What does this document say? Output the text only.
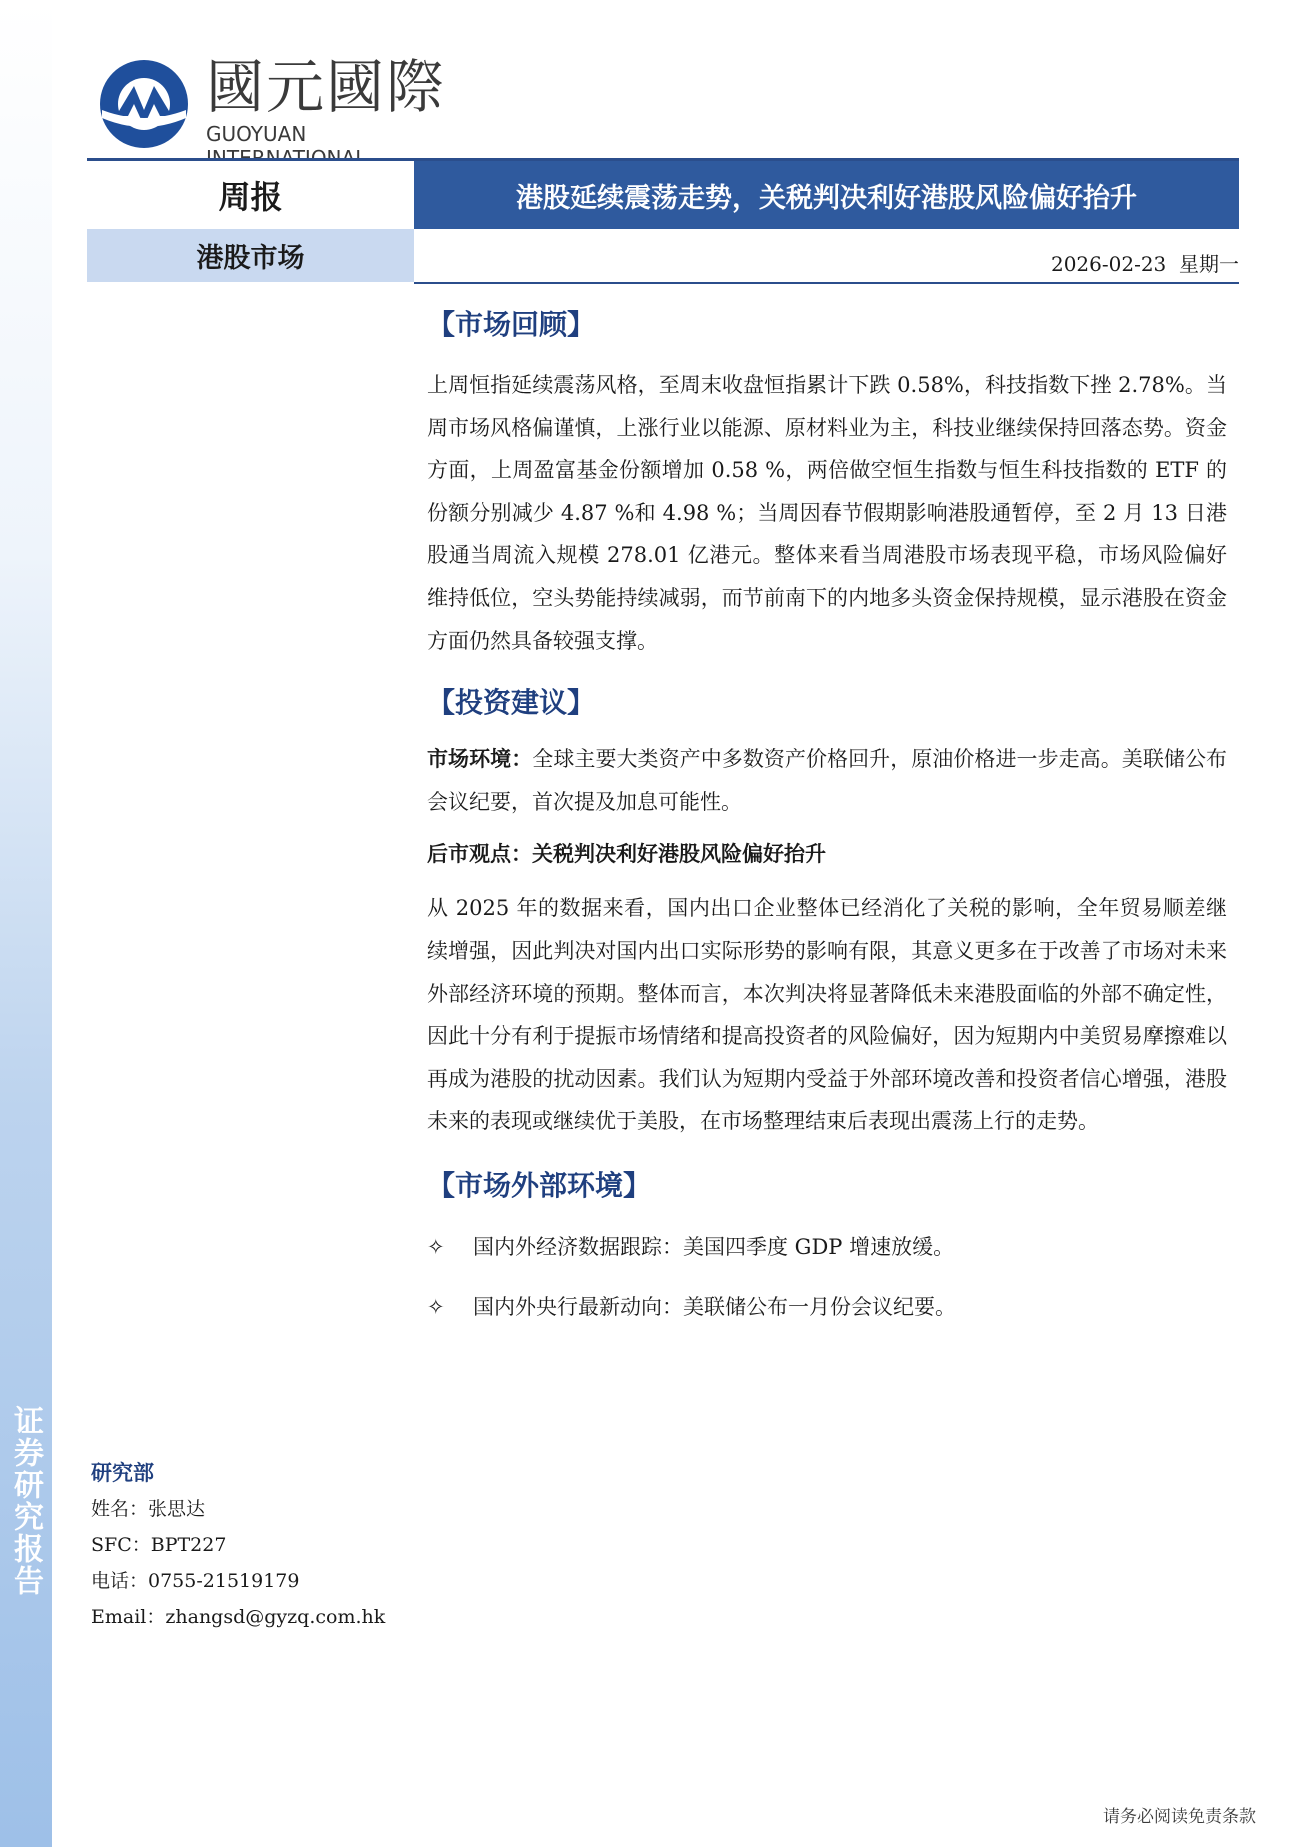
证券研究报告
國元國際
GUOYUAN
周报	港股延续震荡走势，关税判决利好港股风险偏好抬升
港股市场	2026-02-23 星期一
【市场回顾】

上周恒指延续震荡风格，至周末收盘恒指累计下跌 0.58%，科技指数下挫 2.78%。当周市场风格偏谨慎，上涨行业以能源、原材料业为主，科技业继续保持回落态势。资金方面，上周盈富基金份额增加 0.58 %，两倍做空恒生指数与恒生科技指数的 ETF 的份额分别减少 4.87 %和 4.98 %；当周因春节假期影响港股通暂停，至 2 月 13 日港股通当周流入规模 278.01 亿港元。整体来看当周港股市场表现平稳，市场风险偏好维持低位，空头势能持续减弱，而节前南下的内地多头资金保持规模，显示港股在资金方面仍然具备较强支撑。

【投资建议】

市场环境：全球主要大类资产中多数资产价格回升，原油价格进一步走高。美联储公布会议纪要，首次提及加息可能性。

后市观点：关税判决利好港股风险偏好抬升

从 2025 年的数据来看，国内出口企业整体已经消化了关税的影响，全年贸易顺差继续增强，因此判决对国内出口实际形势的影响有限，其意义更多在于改善了市场对未来外部经济环境的预期。整体而言，本次判决将显著降低未来港股面临的外部不确定性，因此十分有利于提振市场情绪和提高投资者的风险偏好，因为短期内中美贸易摩擦难以再成为港股的扰动因素。我们认为短期内受益于外部环境改善和投资者信心增强，港股未来的表现或继续优于美股，在市场整理结束后表现出震荡上行的走势。

【市场外部环境】
✧	国内外经济数据跟踪：美国四季度 GDP 增速放缓。
✧	国内外央行最新动向：美联储公布一月份会议纪要。
研究部
姓名：张思达
SFC：BPT227
电话：0755-21519179
Email：zhangsd@gyzq.com.hk
请务必阅读免责条款
